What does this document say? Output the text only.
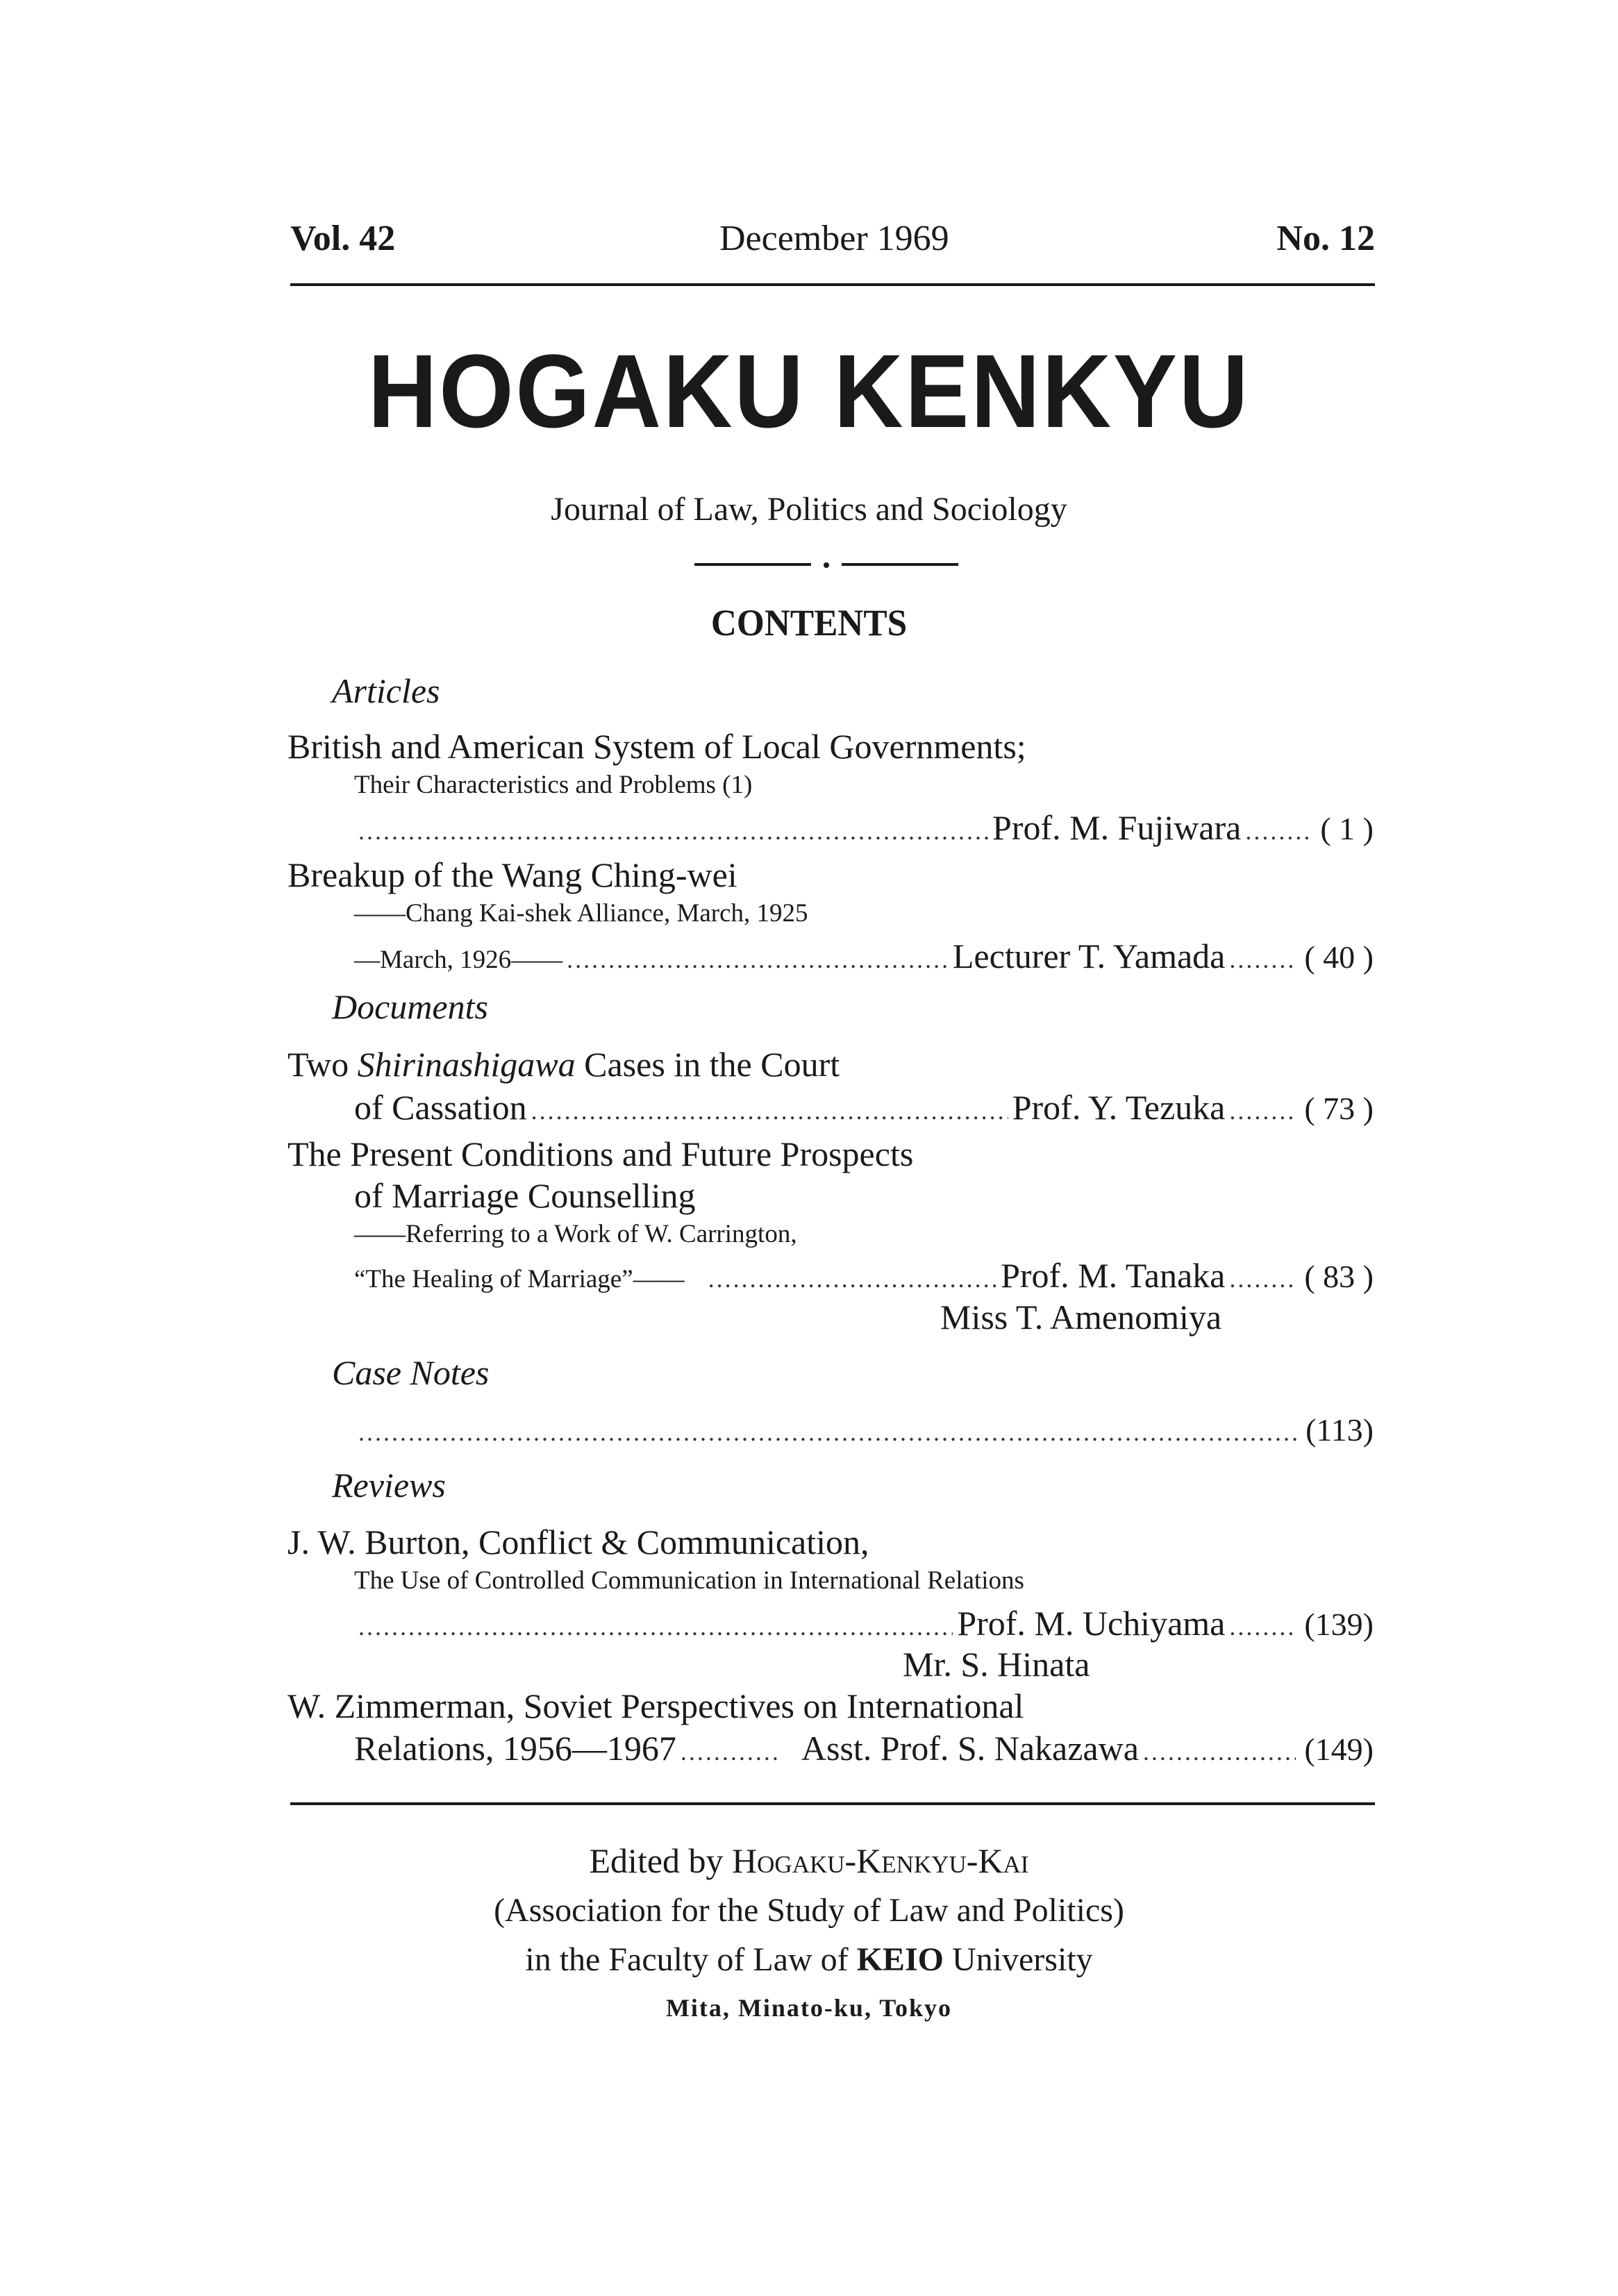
Vol. 42	December 1969	No. 12
HOGAKU KENKYU
Journal of Law, Politics and Sociology
CONTENTS
Articles
British and American System of Local Governments;
Their Characteristics and Problems (1)
.....
Prof. M. Fujiwara ..... ( 1 )
Breakup of the Wang Ching-wei
——Chang Kai-shek Alliance, March, 1925
—March, 1926—— .....	Lecturer T. Yamada ..... ( 40 )
Documents
Two Shirinashigawa Cases in the Court
of Cassation .....	Prof. Y. Tezuka ..... ( 73 )
The Present Conditions and Future Prospects
of Marriage Counselling
——Referring to a Work of W. Carrington,
“The Healing of Marriage”—— .....	Prof. M. Tanaka ..... ( 83 )
Miss T. Amenomiya
Case Notes
.....
(113)
Reviews
J. W. Burton, Conflict & Communication,
The Use of Controlled Communication in International Relations
.....
Prof. M. Uchiyama ..... (139)
Mr. S. Hinata
W. Zimmerman, Soviet Perspectives on International
Relations, 1956—1967 .....	Asst. Prof. S. Nakazawa .....	(149)
Edited by Hogaku-Kenkyu-Kai
(Association for the Study of Law and Politics)
in the Faculty of Law of KEIO University
Mita, Minato-ku, Tokyo
